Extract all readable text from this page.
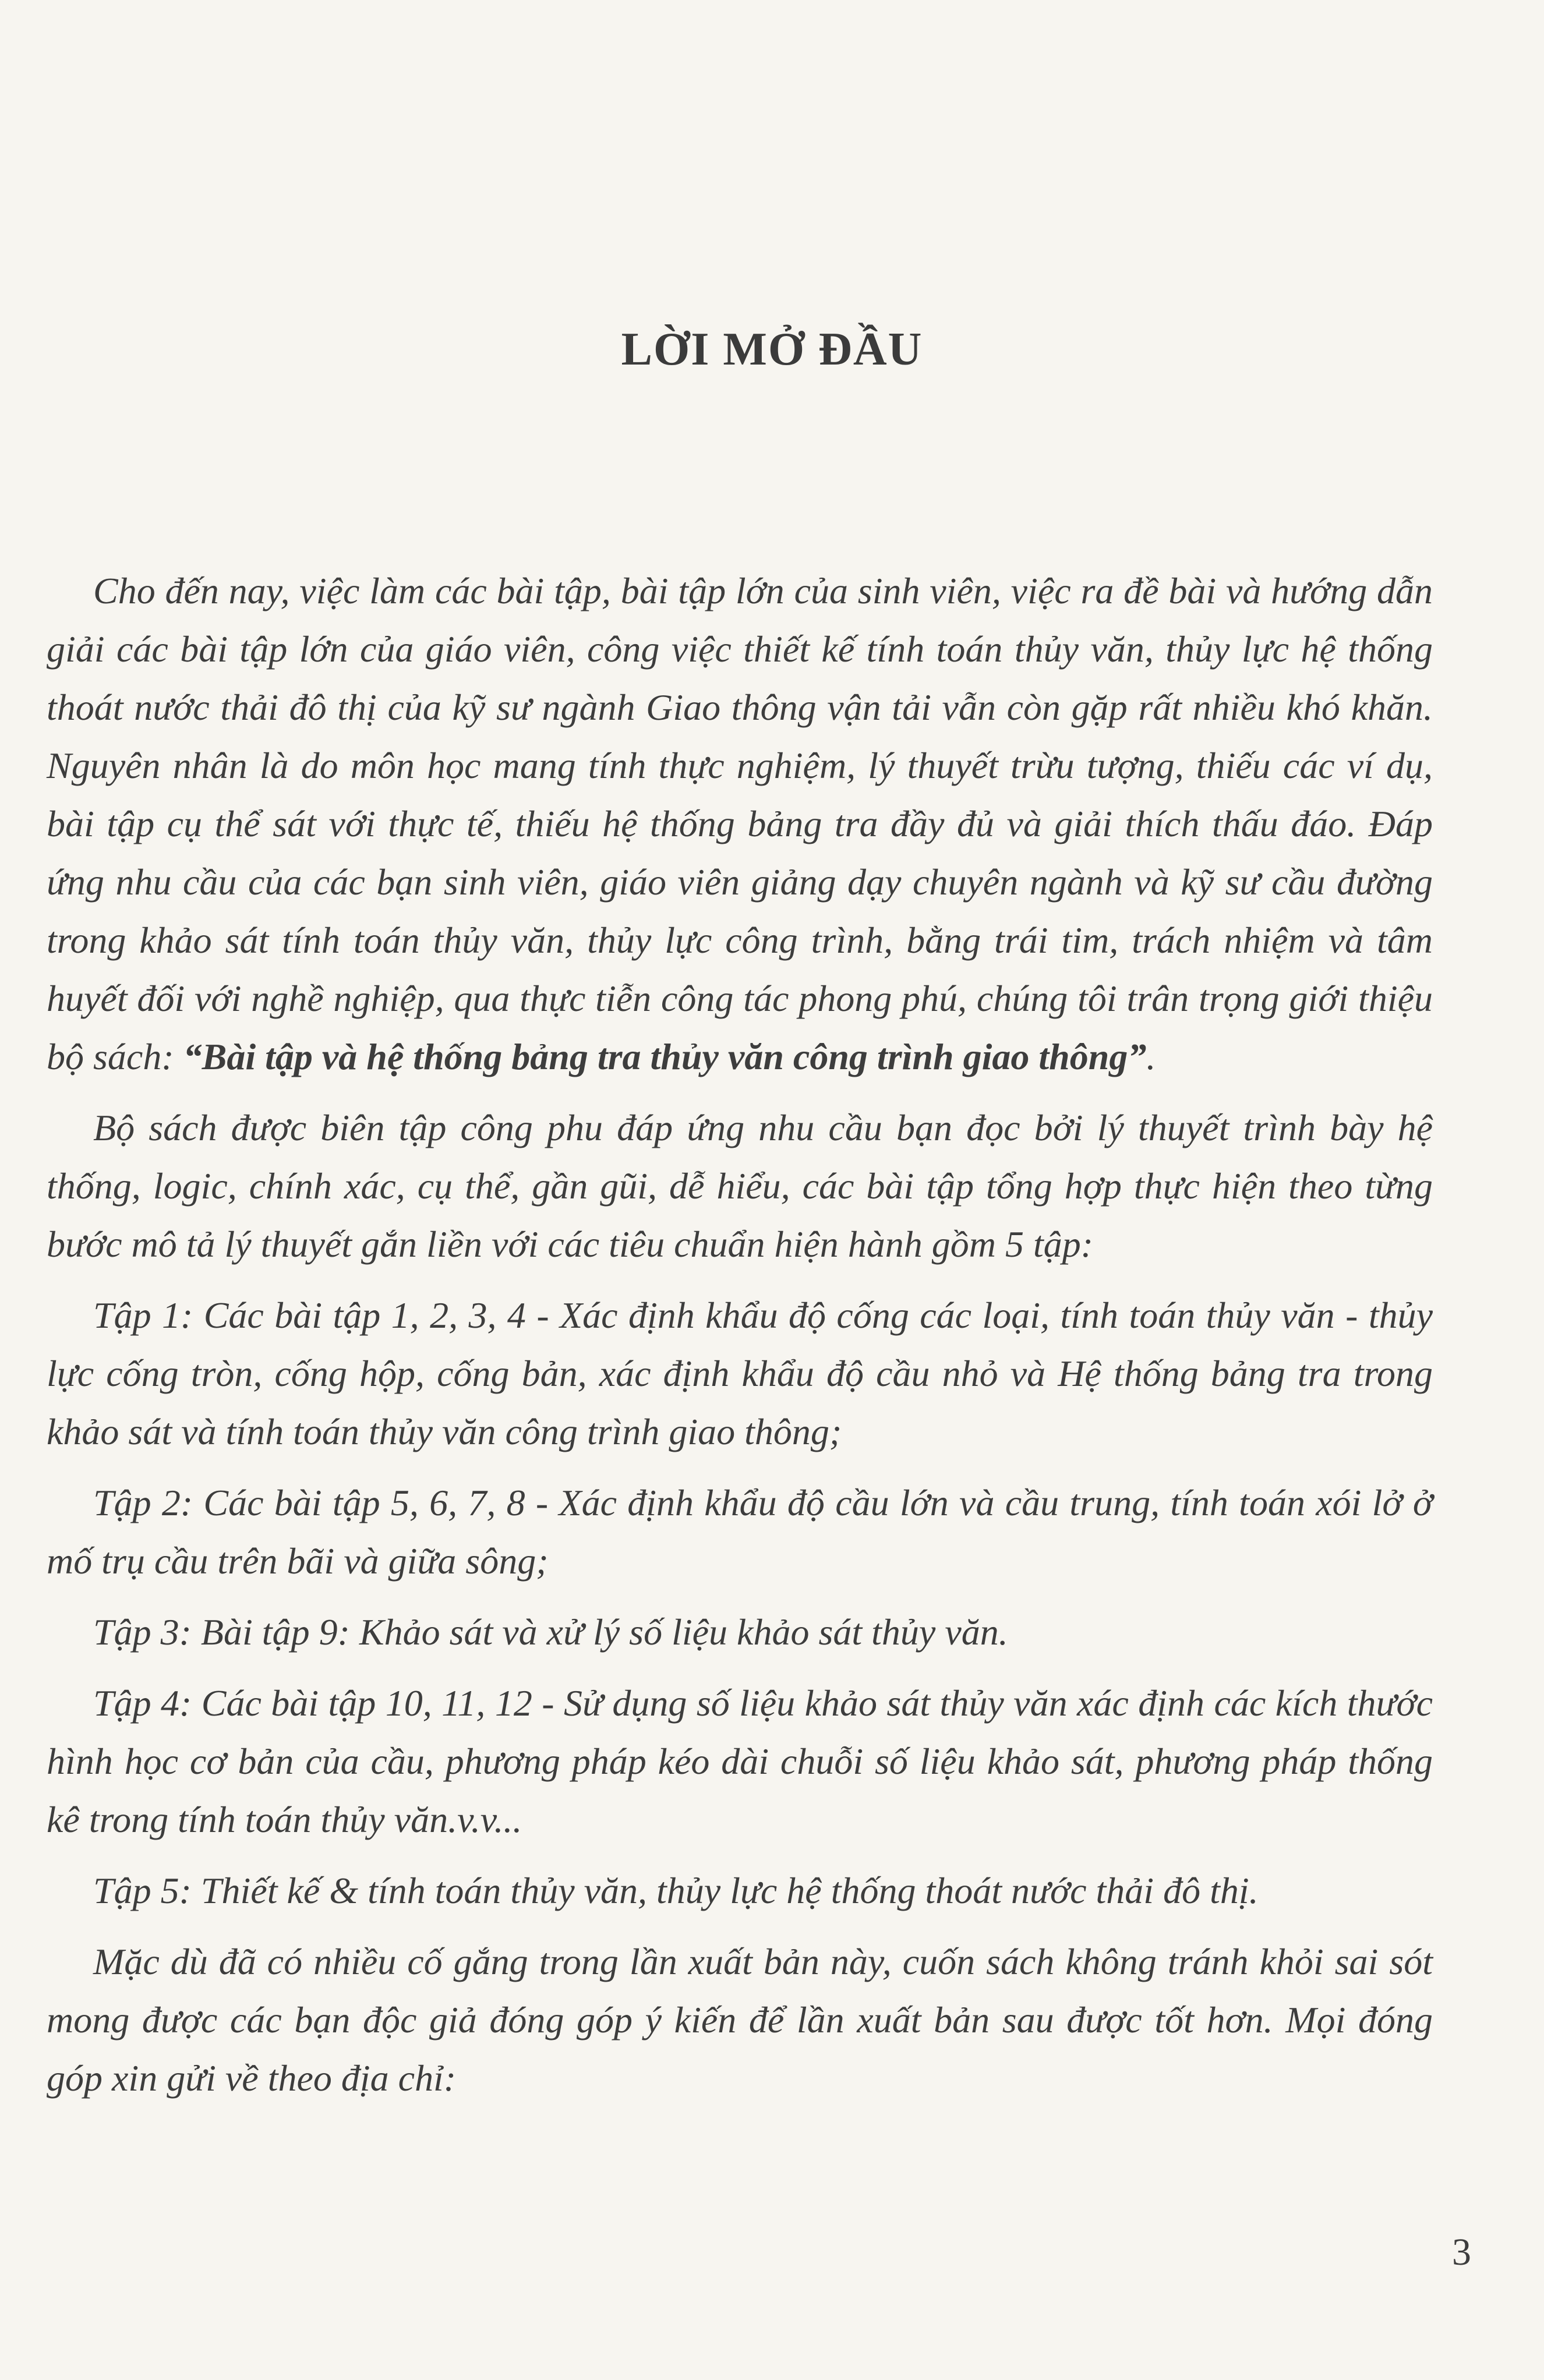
LỜI MỞ ĐẦU

Cho đến nay, việc làm các bài tập, bài tập lớn của sinh viên, việc ra đề bài và hướng dẫn giải các bài tập lớn của giáo viên, công việc thiết kế tính toán thủy văn, thủy lực hệ thống thoát nước thải đô thị của kỹ sư ngành Giao thông vận tải vẫn còn gặp rất nhiều khó khăn. Nguyên nhân là do môn học mang tính thực nghiệm, lý thuyết trừu tượng, thiếu các ví dụ, bài tập cụ thể sát với thực tế, thiếu hệ thống bảng tra đầy đủ và giải thích thấu đáo. Đáp ứng nhu cầu của các bạn sinh viên, giáo viên giảng dạy chuyên ngành và kỹ sư cầu đường trong khảo sát tính toán thủy văn, thủy lực công trình, bằng trái tim, trách nhiệm và tâm huyết đối với nghề nghiệp, qua thực tiễn công tác phong phú, chúng tôi trân trọng giới thiệu bộ sách: “Bài tập và hệ thống bảng tra thủy văn công trình giao thông”.

Bộ sách được biên tập công phu đáp ứng nhu cầu bạn đọc bởi lý thuyết trình bày hệ thống, logic, chính xác, cụ thể, gần gũi, dễ hiểu, các bài tập tổng hợp thực hiện theo từng bước mô tả lý thuyết gắn liền với các tiêu chuẩn hiện hành gồm 5 tập:

Tập 1: Các bài tập 1, 2, 3, 4 - Xác định khẩu độ cống các loại, tính toán thủy văn - thủy lực cống tròn, cống hộp, cống bản, xác định khẩu độ cầu nhỏ và Hệ thống bảng tra trong khảo sát và tính toán thủy văn công trình giao thông;

Tập 2: Các bài tập 5, 6, 7, 8 - Xác định khẩu độ cầu lớn và cầu trung, tính toán xói lở ở mố trụ cầu trên bãi và giữa sông;

Tập 3: Bài tập 9: Khảo sát và xử lý số liệu khảo sát thủy văn.

Tập 4: Các bài tập 10, 11, 12 - Sử dụng số liệu khảo sát thủy văn xác định các kích thước hình học cơ bản của cầu, phương pháp kéo dài chuỗi số liệu khảo sát, phương pháp thống kê trong tính toán thủy văn.v.v...

Tập 5: Thiết kế & tính toán thủy văn, thủy lực hệ thống thoát nước thải đô thị.

Mặc dù đã có nhiều cố gắng trong lần xuất bản này, cuốn sách không tránh khỏi sai sót mong được các bạn độc giả đóng góp ý kiến để lần xuất bản sau được tốt hơn. Mọi đóng góp xin gửi về theo địa chỉ:

3
